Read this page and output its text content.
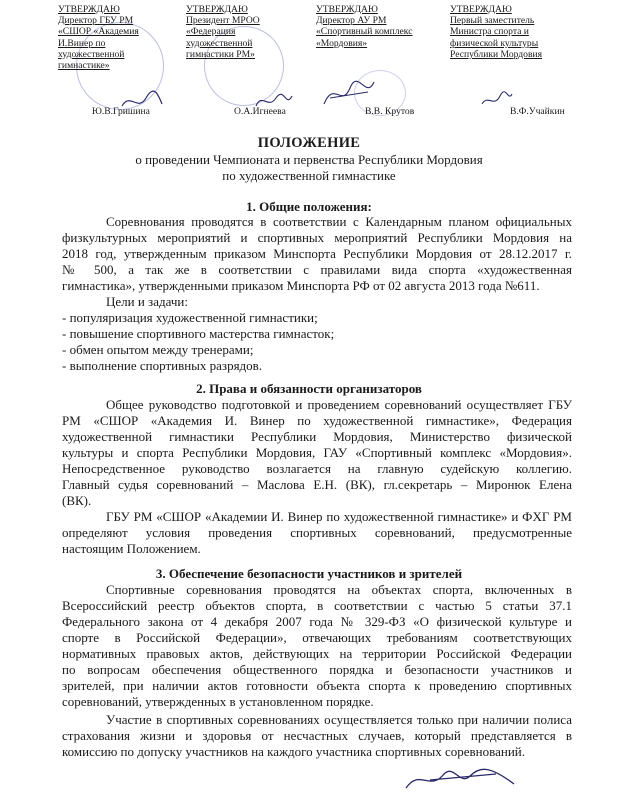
УТВЕРЖДАЮ
Директор ГБУ РМ
«СШОР «Академия
И.Винер по
художественной
гимнастике»
УТВЕРЖДАЮ
Президент МРОО
«Федерация
художественной
гимнастики РМ»
УТВЕРЖДАЮ
Директор АУ РМ
«Спортивный комплекс
«Мордовия»
УТВЕРЖДАЮ
Первый заместитель
Министра спорта и
физической культуры
Республики Мордовия
Ю.В.Гришина	О.А.Игнеева	В.В. Крутов	В.Ф.Учайкин
ПОЛОЖЕНИЕ
о проведении Чемпионата и первенства Республики Мордовия
по художественной гимнастике
1. Общие положения:
Соревнования проводятся в соответствии с Календарным планом официальных
физкультурных мероприятий и спортивных мероприятий Республики Мордовия на
2018 год, утвержденным приказом Минспорта Республики Мордовия от 28.12.2017 г.
№ 500, а так же в соответствии с правилами вида спорта «художественная
гимнастика», утвержденными приказом Минспорта РФ от 02 августа 2013 года №611.
Цели и задачи:
- популяризация художественной гимнастики;
- повышение спортивного мастерства гимнасток;
- обмен опытом между тренерами;
- выполнение спортивных разрядов.
2. Права и обязанности организаторов
Общее руководство подготовкой и проведением соревнований осуществляет ГБУ
РМ «СШОР «Академия И. Винер по художественной гимнастике», Федерация
художественной гимнастики Республики Мордовия, Министерство физической
культуры и спорта Республики Мордовия, ГАУ «Спортивный комплекс «Мордовия».
Непосредственное руководство возлагается на главную судейскую коллегию.
Главный судья соревнований – Маслова Е.Н. (ВК), гл.секретарь – Миронюк Елена
(ВК).
ГБУ РМ «СШОР «Академии И. Винер по художественной гимнастике» и ФХГ РМ
определяют условия проведения спортивных соревнований, предусмотренные
настоящим Положением.
3. Обеспечение безопасности участников и зрителей
Спортивные соревнования проводятся на объектах спорта, включенных в
Всероссийский реестр объектов спорта, в соответствии с частью 5 статьи 37.1
Федерального закона от 4 декабря 2007 года № 329-ФЗ «О физической культуре и
спорте в Российской Федерации», отвечающих требованиям соответствующих
нормативных правовых актов, действующих на территории Российской Федерации
по вопросам обеспечения общественного порядка и безопасности участников и
зрителей, при наличии актов готовности объекта спорта к проведению спортивных
соревнований, утвержденных в установленном порядке.
Участие в спортивных соревнованиях осуществляется только при наличии полиса
страхования жизни и здоровья от несчастных случаев, который представляется в
комиссию по допуску участников на каждого участника спортивных соревнований.
